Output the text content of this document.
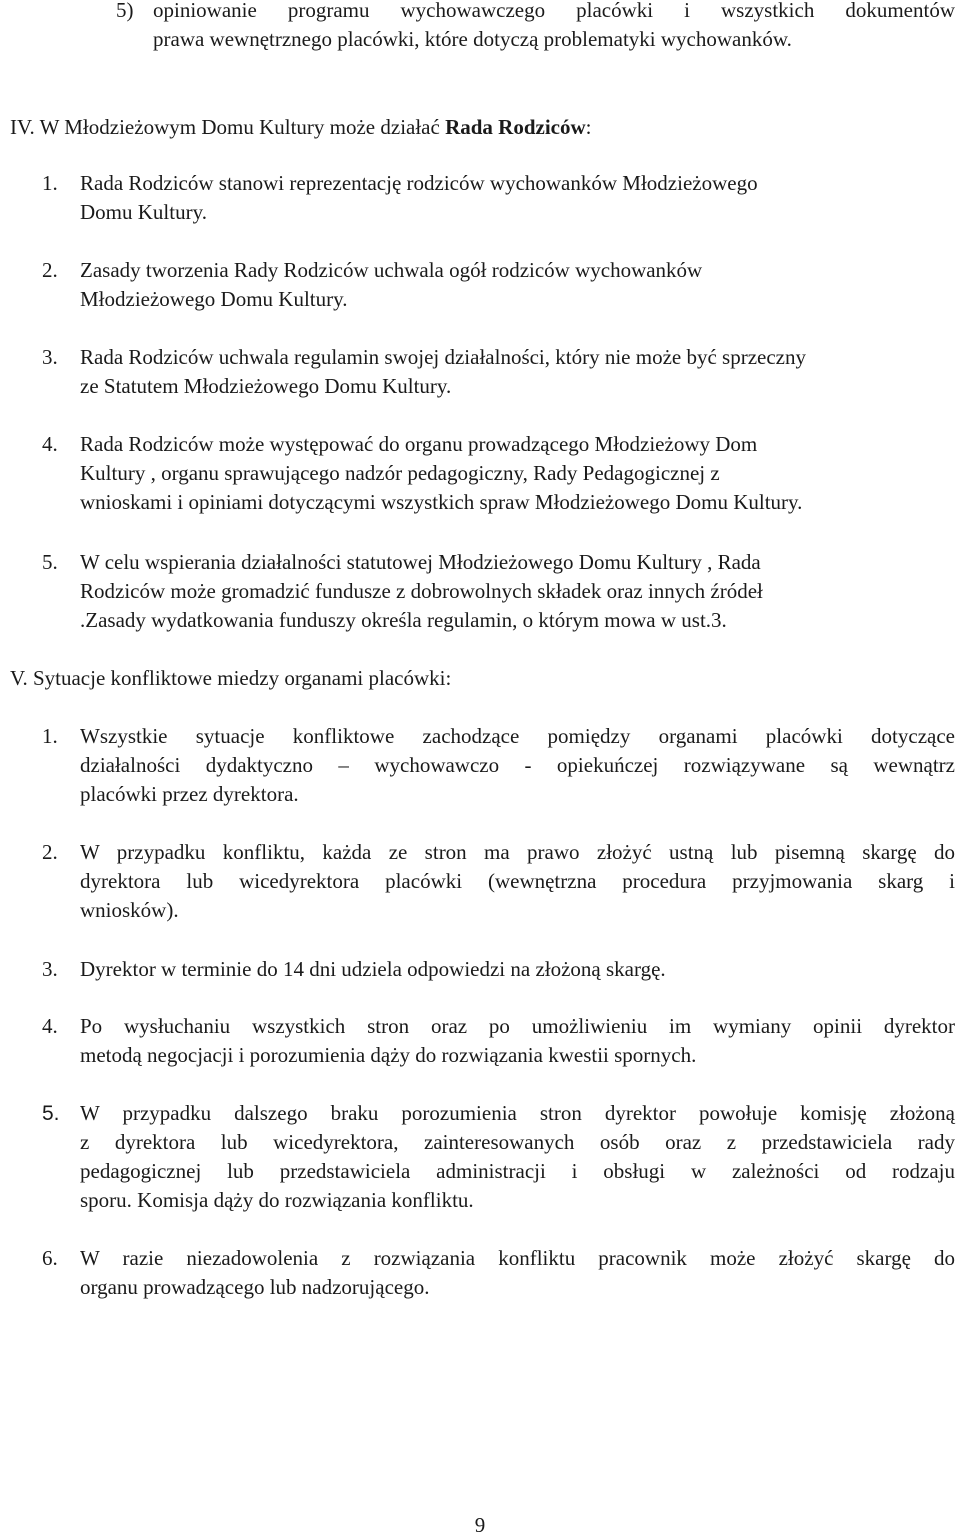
5) opiniowanie programu wychowawczego placówki i wszystkich dokumentów
prawa wewnętrznego placówki, które dotyczą problematyki wychowanków.
IV. W Młodzieżowym Domu Kultury może działać Rada Rodziców:
1. Rada Rodziców stanowi reprezentację rodziców wychowanków Młodzieżowego
Domu Kultury.
2. Zasady tworzenia Rady Rodziców uchwala ogół rodziców wychowanków
Młodzieżowego Domu Kultury.
3. Rada Rodziców uchwala regulamin swojej działalności, który nie może być sprzeczny
ze Statutem Młodzieżowego Domu Kultury.
4. Rada Rodziców może występować do organu prowadzącego Młodzieżowy Dom
Kultury , organu sprawującego nadzór pedagogiczny, Rady Pedagogicznej z
wnioskami i opiniami dotyczącymi wszystkich spraw Młodzieżowego Domu Kultury.
5. W celu wspierania działalności statutowej Młodzieżowego Domu Kultury , Rada
Rodziców może gromadzić fundusze z dobrowolnych składek oraz innych źródeł
.Zasady wydatkowania funduszy określa regulamin, o którym mowa w ust.3.
V. Sytuacje konfliktowe miedzy organami placówki:
1. Wszystkie sytuacje konfliktowe zachodzące pomiędzy organami placówki dotyczące
działalności dydaktyczno – wychowawczo - opiekuńczej rozwiązywane są wewnątrz
placówki przez dyrektora.
2. W przypadku konfliktu, każda ze stron ma prawo złożyć ustną lub pisemną skargę do
dyrektora lub wicedyrektora placówki (wewnętrzna procedura przyjmowania skarg i
wniosków).
3. Dyrektor w terminie do 14 dni udziela odpowiedzi na złożoną skargę.
4. Po wysłuchaniu wszystkich stron oraz po umożliwieniu im wymiany opinii dyrektor
metodą negocjacji i porozumienia dąży do rozwiązania kwestii spornych.
5. W przypadku dalszego braku porozumienia stron dyrektor powołuje komisję złożoną
z dyrektora lub wicedyrektora, zainteresowanych osób oraz z przedstawiciela rady
pedagogicznej lub przedstawiciela administracji i obsługi w zależności od rodzaju
sporu. Komisja dąży do rozwiązania konfliktu.
6. W razie niezadowolenia z rozwiązania konfliktu pracownik może złożyć skargę do
organu prowadzącego lub nadzorującego.
9
